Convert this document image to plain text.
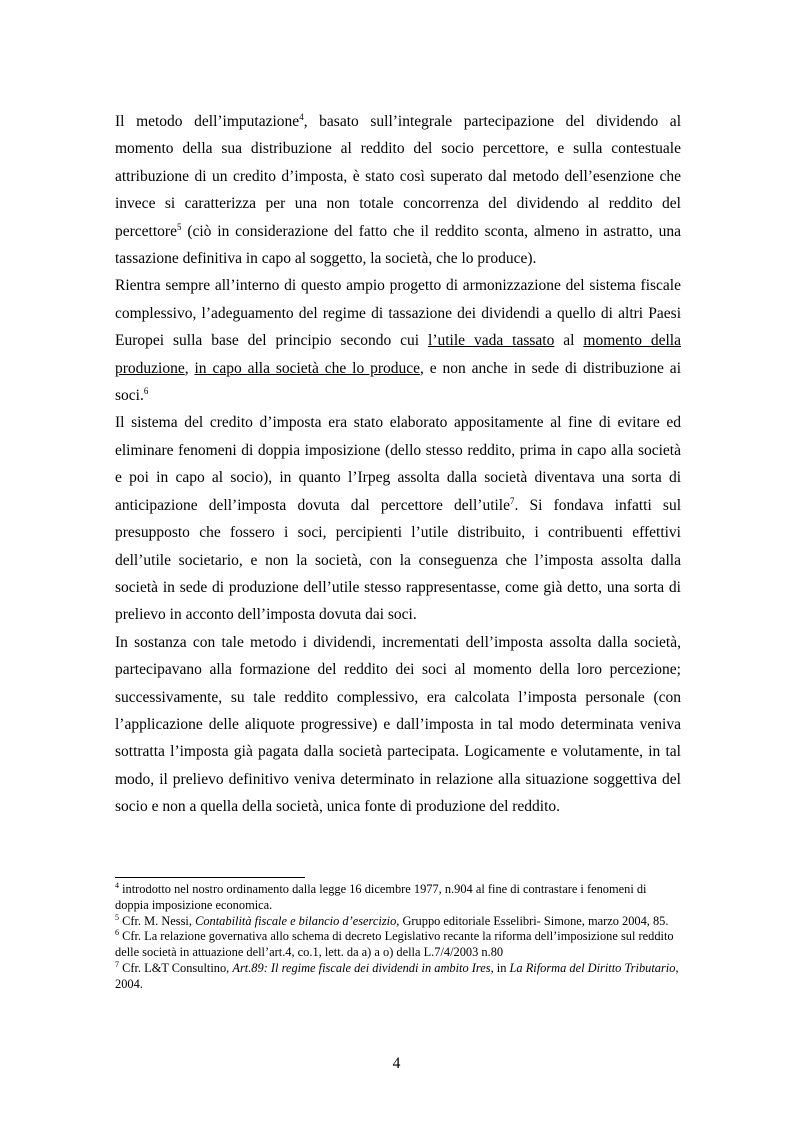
Il metodo dell’imputazione$^4$, basato sull’integrale partecipazione del dividendo al momento della sua distribuzione al reddito del socio percettore, e sulla contestuale attribuzione di un credito d’imposta, è stato così superato dal metodo dell’esenzione che invece si caratterizza per una non totale concorrenza del dividendo al reddito del percettore$^5$ (ciò in considerazione del fatto che il reddito sconta, almeno in astratto, una tassazione definitiva in capo al soggetto, la società, che lo produce).

Rientra sempre all’interno di questo ampio progetto di armonizzazione del sistema fiscale complessivo, l’adeguamento del regime di tassazione dei dividendi a quello di altri Paesi Europei sulla base del principio secondo cui l’utile vada tassato al momento della produzione, in capo alla società che lo produce, e non anche in sede di distribuzione ai soci.$^6$

Il sistema del credito d’imposta era stato elaborato appositamente al fine di evitare ed eliminare fenomeni di doppia imposizione (dello stesso reddito, prima in capo alla società e poi in capo al socio), in quanto l’Irpeg assolta dalla società diventava una sorta di anticipazione dell’imposta dovuta dal percettore dell’utile$^7$. Si fondava infatti sul presupposto che fossero i soci, percipienti l’utile distribuito, i contribuenti effettivi dell’utile societario, e non la società, con la conseguenza che l’imposta assolta dalla società in sede di produzione dell’utile stesso rappresentasse, come già detto, una sorta di prelievo in acconto dell’imposta dovuta dai soci.

In sostanza con tale metodo i dividendi, incrementati dell’imposta assolta dalla società, partecipavano alla formazione del reddito dei soci al momento della loro percezione; successivamente, su tale reddito complessivo, era calcolata l’imposta personale (con l’applicazione delle aliquote progressive) e dall’imposta in tal modo determinata veniva sottratta l’imposta già pagata dalla società partecipata. Logicamente e volutamente, in tal modo, il prelievo definitivo veniva determinato in relazione alla situazione soggettiva del socio e non a quella della società, unica fonte di produzione del reddito.

$^4$ introdotto nel nostro ordinamento dalla legge 16 dicembre 1977, n.904 al fine di contrastare i fenomeni di doppia imposizione economica.

$^5$ Cfr. M. Nessi, Contabilità fiscale e bilancio d’esercizio, Gruppo editoriale Esselibri- Simone, marzo 2004, 85.

$^6$ Cfr. La relazione governativa allo schema di decreto Legislativo recante la riforma dell’imposizione sul reddito delle società in attuazione dell’art.4, co.1, lett. da a) a o) della L.7/4/2003 n.80

$^7$ Cfr. L&T Consultino, Art.89: Il regime fiscale dei dividendi in ambito Ires, in La Riforma del Diritto Tributario, 2004.

4
